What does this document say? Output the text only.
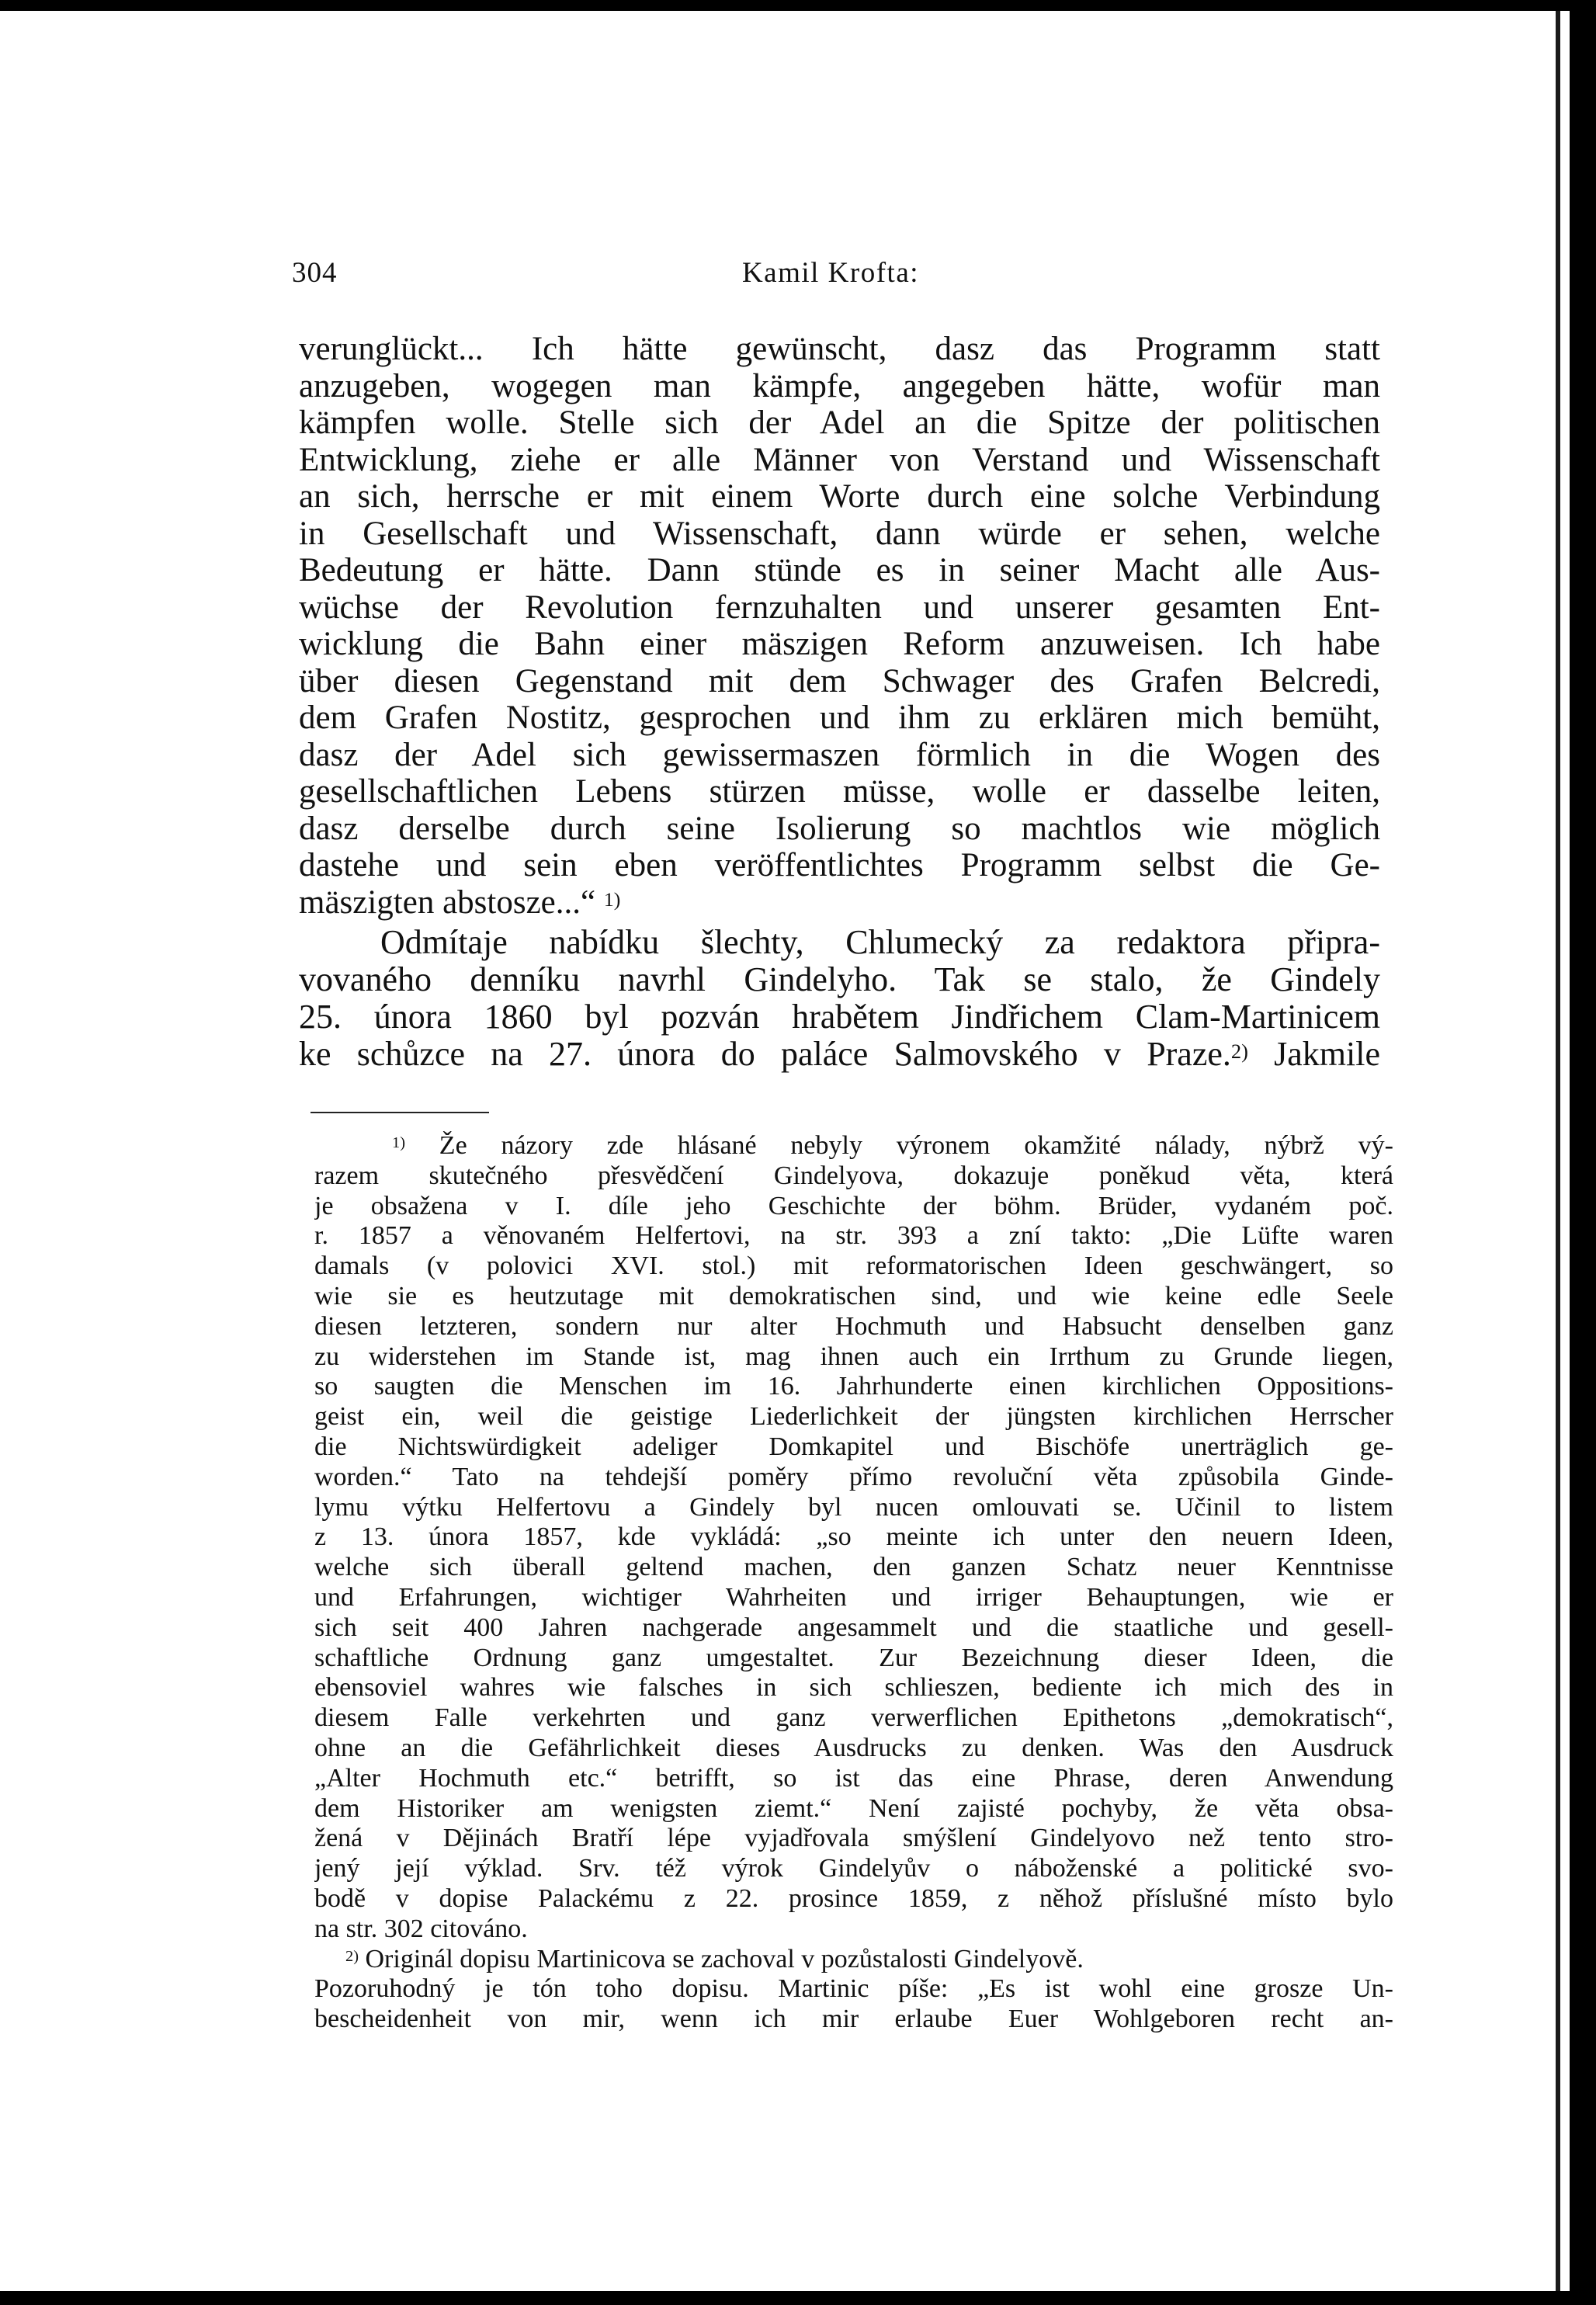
304	Kamil Krofta:
verunglückt... Ich hätte gewünscht, dasz das Programm statt
anzugeben, wogegen man kämpfe, angegeben hätte, wofür man
kämpfen wolle. Stelle sich der Adel an die Spitze der politischen
Entwicklung, ziehe er alle Männer von Verstand und Wissenschaft
an sich, herrsche er mit einem Worte durch eine solche Verbindung
in Gesellschaft und Wissenschaft, dann würde er sehen, welche
Bedeutung er hätte. Dann stünde es in seiner Macht alle Aus-
wüchse der Revolution fernzuhalten und unserer gesamten Ent-
wicklung die Bahn einer mäszigen Reform anzuweisen. Ich habe
über diesen Gegenstand mit dem Schwager des Grafen Belcredi,
dem Grafen Nostitz, gesprochen und ihm zu erklären mich bemüht,
dasz der Adel sich gewissermaszen förmlich in die Wogen des
gesellschaftlichen Lebens stürzen müsse, wolle er dasselbe leiten,
dasz derselbe durch seine Isolierung so machtlos wie möglich
dastehe und sein eben veröffentlichtes Programm selbst die Ge-
mäszigten abstosze...“ $^{1)}$
Odmítaje nabídku šlechty, Chlumecký za redaktora připra-
vovaného denníku navrhl Gindelyho. Tak se stalo, že Gindely
25. února 1860 byl pozván hrabětem Jindřichem Clam-Martinicem
ke schůzce na 27. února do paláce Salmovského v Praze.$^{2)}$ Jakmile
$^{1)}$ Že názory zde hlásané nebyly výronem okamžité nálady, nýbrž vý-
razem skutečného přesvědčení Gindelyova, dokazuje poněkud věta, která
je obsažena v I. díle jeho Geschichte der böhm. Brüder, vydaném poč.
r. 1857 a věnovaném Helfertovi, na str. 393 a zní takto: „Die Lüfte waren
damals (v polovici XVI. stol.) mit reformatorischen Ideen geschwängert, so
wie sie es heutzutage mit demokratischen sind, und wie keine edle Seele
diesen letzteren, sondern nur alter Hochmuth und Habsucht denselben ganz
zu widerstehen im Stande ist, mag ihnen auch ein Irrthum zu Grunde liegen,
so saugten die Menschen im 16. Jahrhunderte einen kirchlichen Oppositions-
geist ein, weil die geistige Liederlichkeit der jüngsten kirchlichen Herrscher
die Nichtswürdigkeit adeliger Domkapitel und Bischöfe unerträglich ge-
worden.“ Tato na tehdejší poměry přímo revoluční věta způsobila Ginde-
lymu výtku Helfertovu a Gindely byl nucen omlouvati se. Učinil to listem
z 13. února 1857, kde vykládá: „so meinte ich unter den neuern Ideen,
welche sich überall geltend machen, den ganzen Schatz neuer Kenntnisse
und Erfahrungen, wichtiger Wahrheiten und irriger Behauptungen, wie er
sich seit 400 Jahren nachgerade angesammelt und die staatliche und gesell-
schaftliche Ordnung ganz umgestaltet. Zur Bezeichnung dieser Ideen, die
ebensoviel wahres wie falsches in sich schlieszen, bediente ich mich des in
diesem Falle verkehrten und ganz verwerflichen Epithetons „demokratisch“,
ohne an die Gefährlichkeit dieses Ausdrucks zu denken. Was den Ausdruck
„Alter Hochmuth etc.“ betrifft, so ist das eine Phrase, deren Anwendung
dem Historiker am wenigsten ziemt.“ Není zajisté pochyby, že věta obsa-
žená v Dějinách Bratří lépe vyjadřovala smýšlení Gindelyovo než tento stro-
jený její výklad. Srv. též výrok Gindelyův o náboženské a politické svo-
bodě v dopise Palackému z 22. prosince 1859, z něhož příslušné místo bylo
na str. 302 citováno.
$^{2)}$ Originál dopisu Martinicova se zachoval v pozůstalosti Gindelyově.
Pozoruhodný je tón toho dopisu. Martinic píše: „Es ist wohl eine grosze Un-
bescheidenheit von mir, wenn ich mir erlaube Euer Wohlgeboren recht an-
